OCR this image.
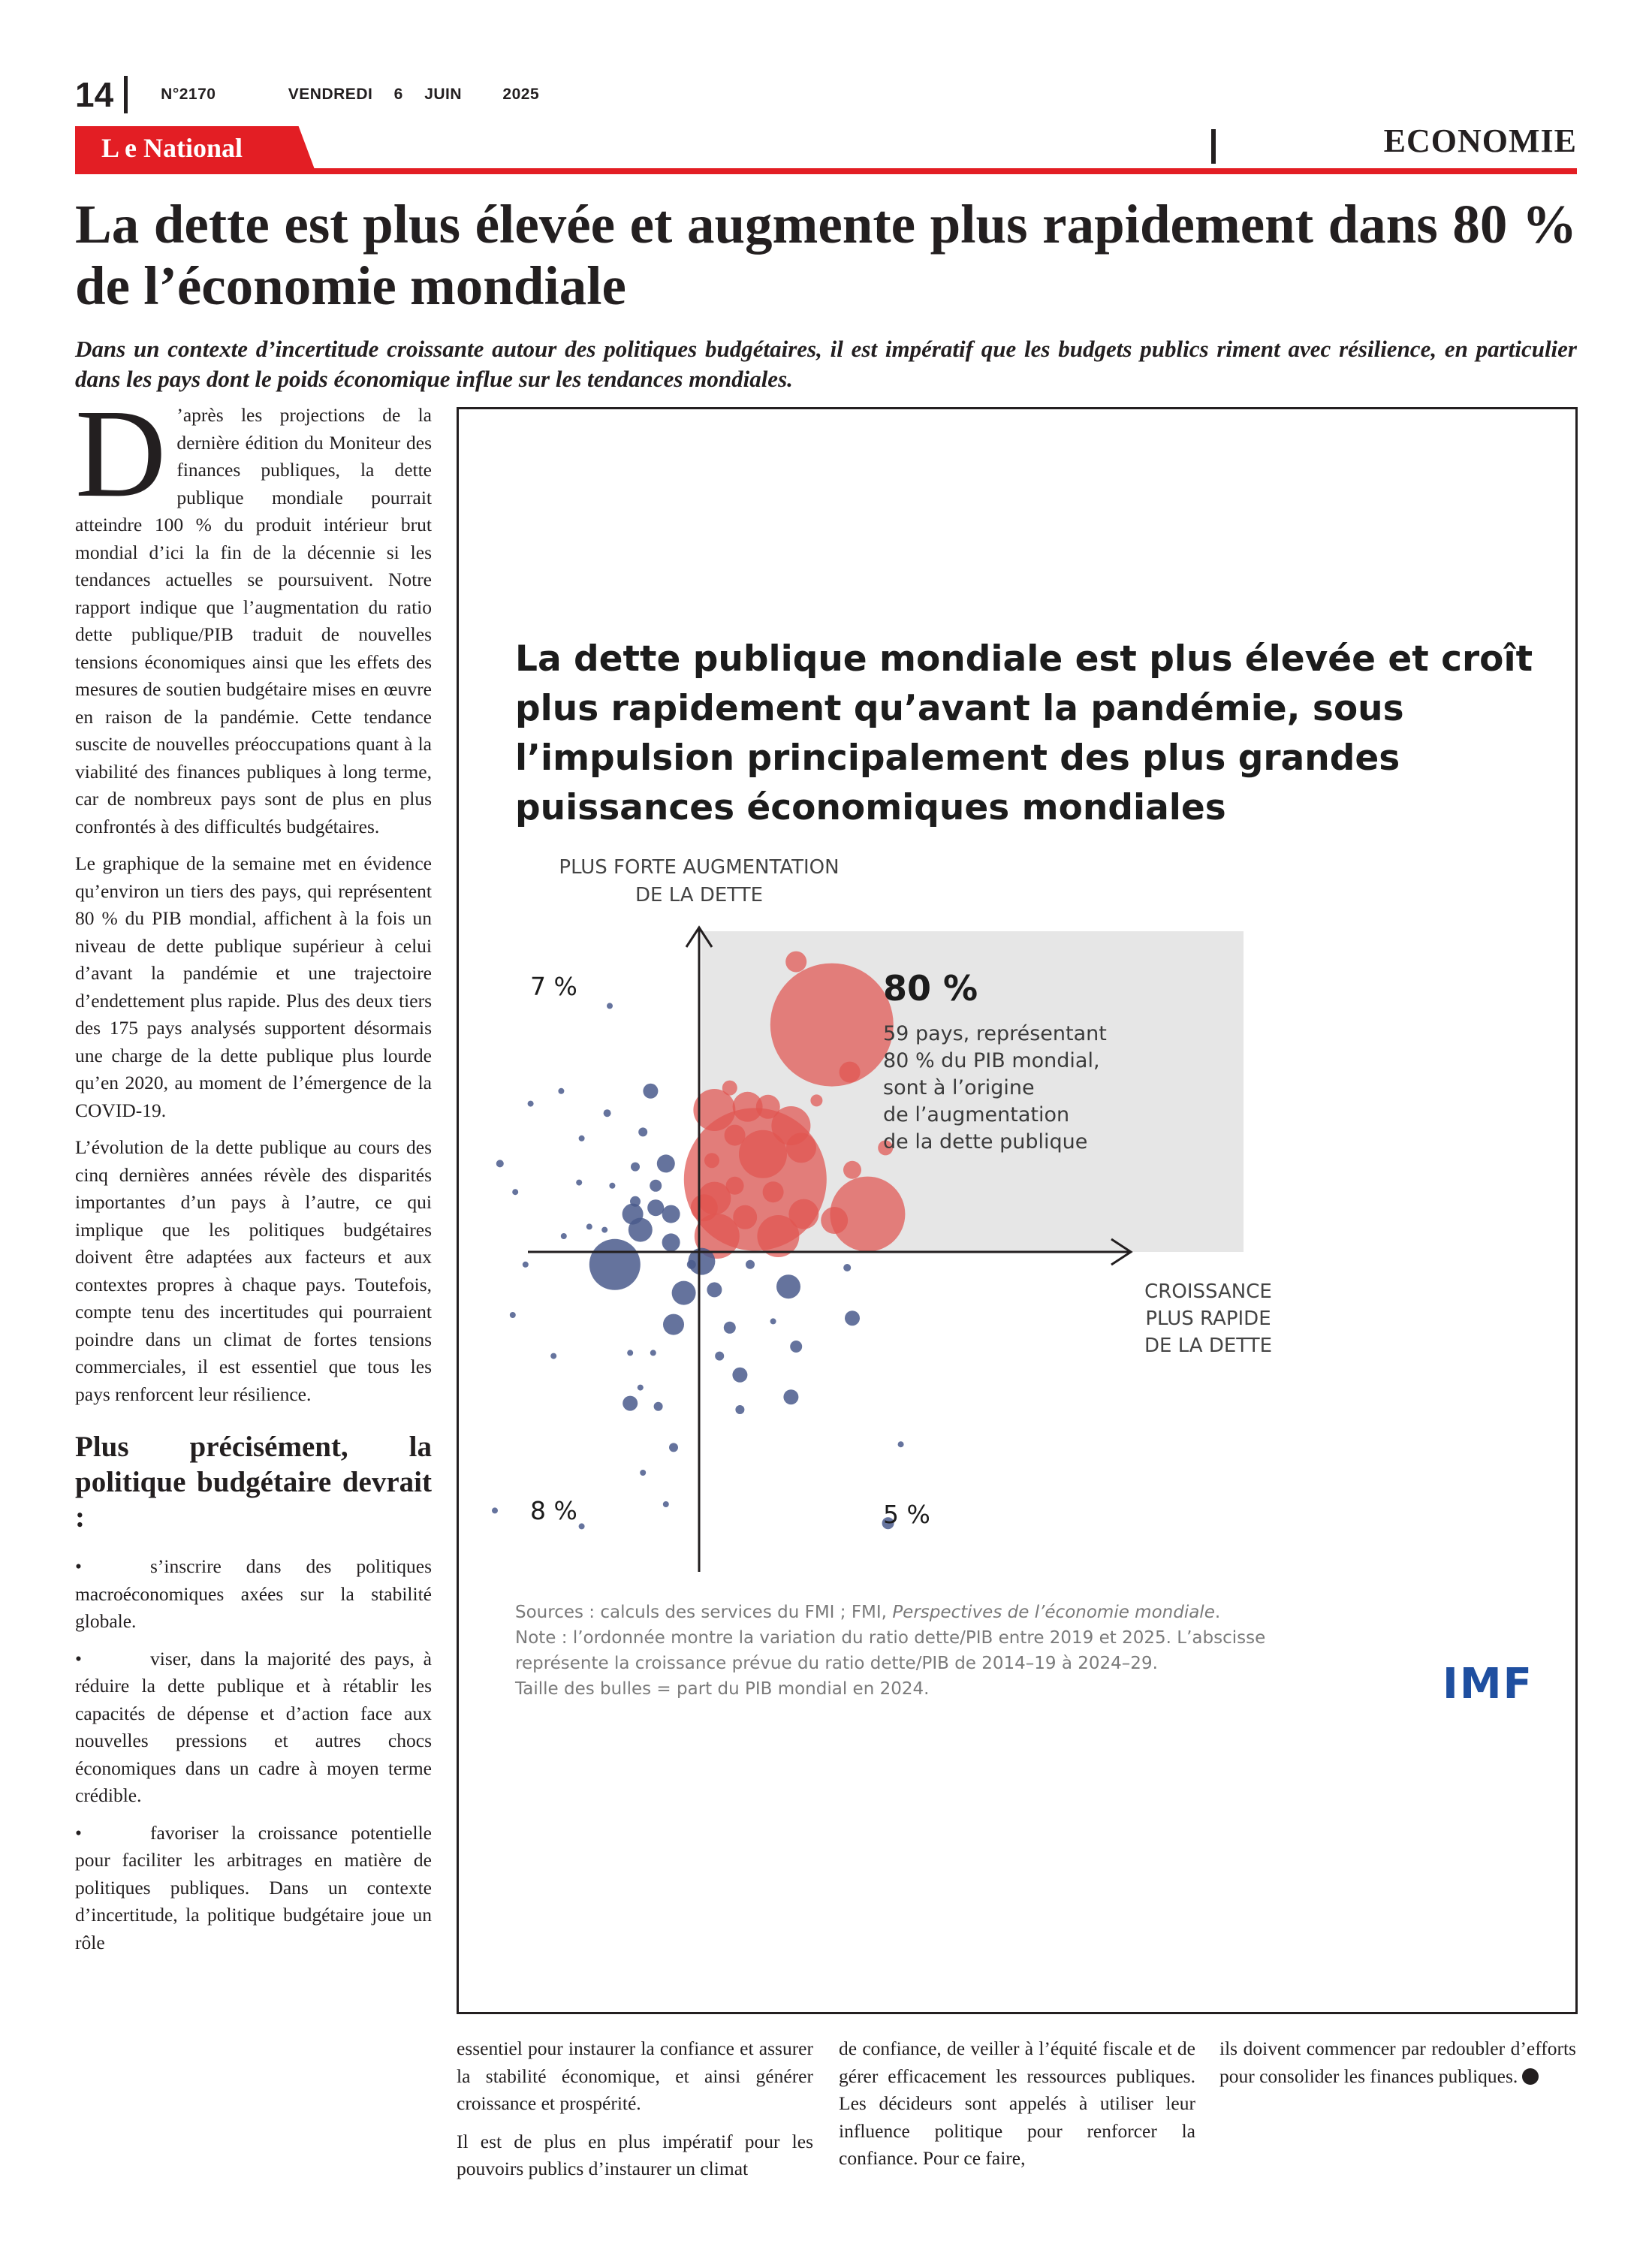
14	N°2170	VENDREDI 6 JUIN	2025
L e National	ECONOMIE
La dette est plus élevée et augmente plus rapidement dans 80 % de l’économie mondiale

Dans un contexte d’incertitude croissante autour des politiques budgétaires, il est impératif que les budgets publics riment avec résilience, en particulier dans les pays dont le poids économique influe sur les tendances mondiales.

D ’après les projections de la dernière édition du Moniteur des finances publiques, la dette publique mondiale pourrait atteindre 100 % du produit intérieur brut mondial d’ici la fin de la décennie si les tendances actuelles se poursuivent. Notre rapport indique que l’augmentation du ratio dette publique/PIB traduit de nouvelles tensions économiques ainsi que les effets des mesures de soutien budgétaire mises en œuvre en raison de la pandémie. Cette tendance suscite de nouvelles préoccupations quant à la viabilité des finances publiques à long terme, car de nombreux pays sont de plus en plus confrontés à des difficultés budgétaires.

Le graphique de la semaine met en évidence qu’environ un tiers des pays, qui représentent 80 % du PIB mondial, affichent à la fois un niveau de dette publique supérieur à celui d’avant la pandémie et une trajectoire d’endettement plus rapide. Plus des deux tiers des 175 pays analysés supportent désormais une charge de la dette publique plus lourde qu’en 2020, au moment de l’émergence de la COVID-19.

L’évolution de la dette publique au cours des cinq dernières années révèle des disparités importantes d’un pays à l’autre, ce qui implique que les politiques budgétaires doivent être adaptées aux facteurs et aux contextes propres à chaque pays. Toutefois, compte tenu des incertitudes qui pourraient poindre dans un climat de fortes tensions commerciales, il est essentiel que tous les pays renforcent leur résilience.

Plus précisément, la politique budgétaire devrait :

•	s’inscrire dans des politiques macroéconomiques axées sur la stabilité globale.

•	viser, dans la majorité des pays, à réduire la dette publique et à rétablir les capacités de dépense et d’action face aux nouvelles pressions et autres chocs économiques dans un cadre à moyen terme crédible.

•	favoriser la croissance potentielle pour faciliter les arbitrages en matière de politiques publiques. Dans un contexte d’incertitude, la politique budgétaire joue un rôle

La dette publique mondiale est plus élevée et croît plus rapidement qu’avant la pandémie, sous l’impulsion principalement des plus grandes puissances économiques mondiales
PLUS FORTE AUGMENTATION
DE LA DETTE
CROISSANCE
PLUS RAPIDE
DE LA DETTE
7 %	80 %
8 %	5 %
59 pays, représentant
80 % du PIB mondial,
sont à l’origine
de l’augmentation
de la dette publique
Sources : calculs des services du FMI ; FMI, Perspectives de l’économie mondiale.
Note : l’ordonnée montre la variation du ratio dette/PIB entre 2019 et 2025. L’abscisse
représente la croissance prévue du ratio dette/PIB de 2014–19 à 2024–29.
Taille des bulles = part du PIB mondial en 2024.	IMF

essentiel pour instaurer la confiance et assurer la stabilité économique, et ainsi générer croissance et prospérité.

Il est de plus en plus impératif pour les pouvoirs publics d’instaurer un climat

de confiance, de veiller à l’équité fiscale et de gérer efficacement les ressources publiques. Les décideurs sont appelés à utiliser leur influence politique pour renforcer la confiance. Pour ce faire,

ils doivent commencer par redoubler d’efforts pour consolider les finances publiques.
